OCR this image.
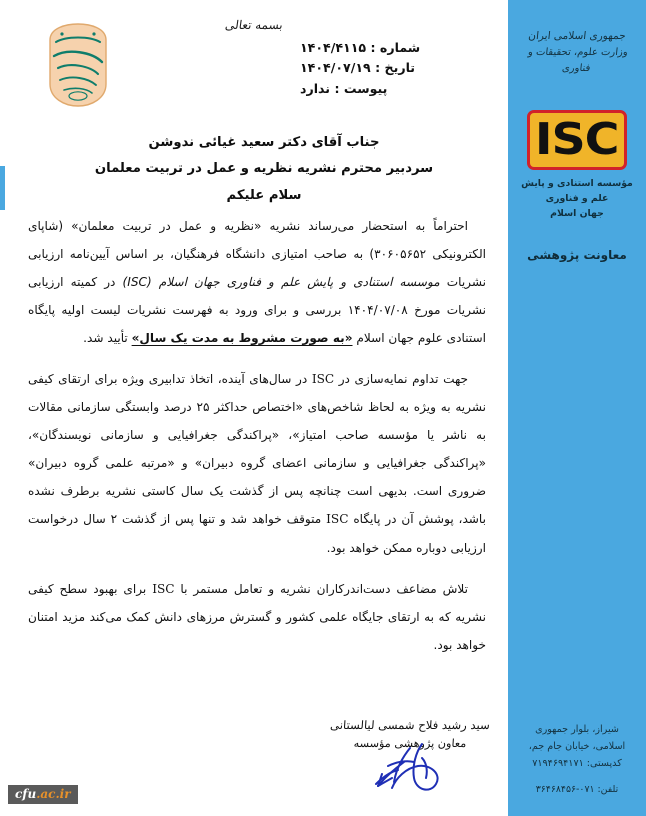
جمهوری اسلامی ایران
وزارت علوم، تحقیقات و فناوری
ISC
مؤسسه استنادی و پایش علم و فناوری
جهان اسلام
معاونت پژوهشی
شیراز، بلوار جمهوری
اسلامی، خیابان جام جم،
کدپستی: ۷۱۹۴۶۹۴۱۷۱
تلفن: ۰۷۱-۳۶۴۶۸۴۵۶
بسمه تعالی
شماره : ۱۴۰۴/۴۱۱۵
تاریخ : ۱۴۰۴/۰۷/۱۹
پیوست : ندارد
جناب آقای دکتر سعید غیائی ندوشن
سردبیر محترم نشریه نظریه و عمل در تربیت معلمان
سلام علیکم

احتراماً به استحضار می‌رساند نشریه «نظریه و عمل در تربیت معلمان» (شاپای الکترونیکی ۳۰۶۰۵۶۵۲) به صاحب امتیازی دانشگاه فرهنگیان، بر اساس آیین‌نامه ارزیابی نشریات موسسه استنادی و پایش علم و فناوری جهان اسلام (ISC) در کمیته ارزیابی نشریات مورخ ۱۴۰۴/۰۷/۰۸ بررسی و برای ورود به فهرست نشریات لیست اولیه پایگاه استنادی علوم جهان اسلام «به صورت مشروط به مدت یک سال» تأیید شد.

جهت تداوم نمایه‌سازی در ISC در سال‌های آینده، اتخاذ تدابیری ویژه برای ارتقای کیفی نشریه به ویژه به لحاظ شاخص‌های «اختصاص حداکثر ۲۵ درصد وابستگی سازمانی مقالات به ناشر یا مؤسسه صاحب امتیاز»، «پراکندگی جغرافیایی و سازمانی نویسندگان»، «پراکندگی جغرافیایی و سازمانی اعضای گروه دبیران» و «مرتبه علمی گروه دبیران» ضروری است. بدیهی است چنانچه پس از گذشت یک سال کاستی نشریه برطرف نشده باشد، پوشش آن در پایگاه ISC متوقف خواهد شد و تنها پس از گذشت ۲ سال درخواست ارزیابی دوباره ممکن خواهد بود.

تلاش مضاعف دست‌اندرکاران نشریه و تعامل مستمر با ISC برای بهبود سطح کیفی نشریه که به ارتقای جایگاه علمی کشور و گسترش مرزهای دانش کمک می‌کند مزید امتنان خواهد بود.

سید رشید فلاح شمسی لیالستانی
معاون پژوهشی مؤسسه
cfu.ac.ir
